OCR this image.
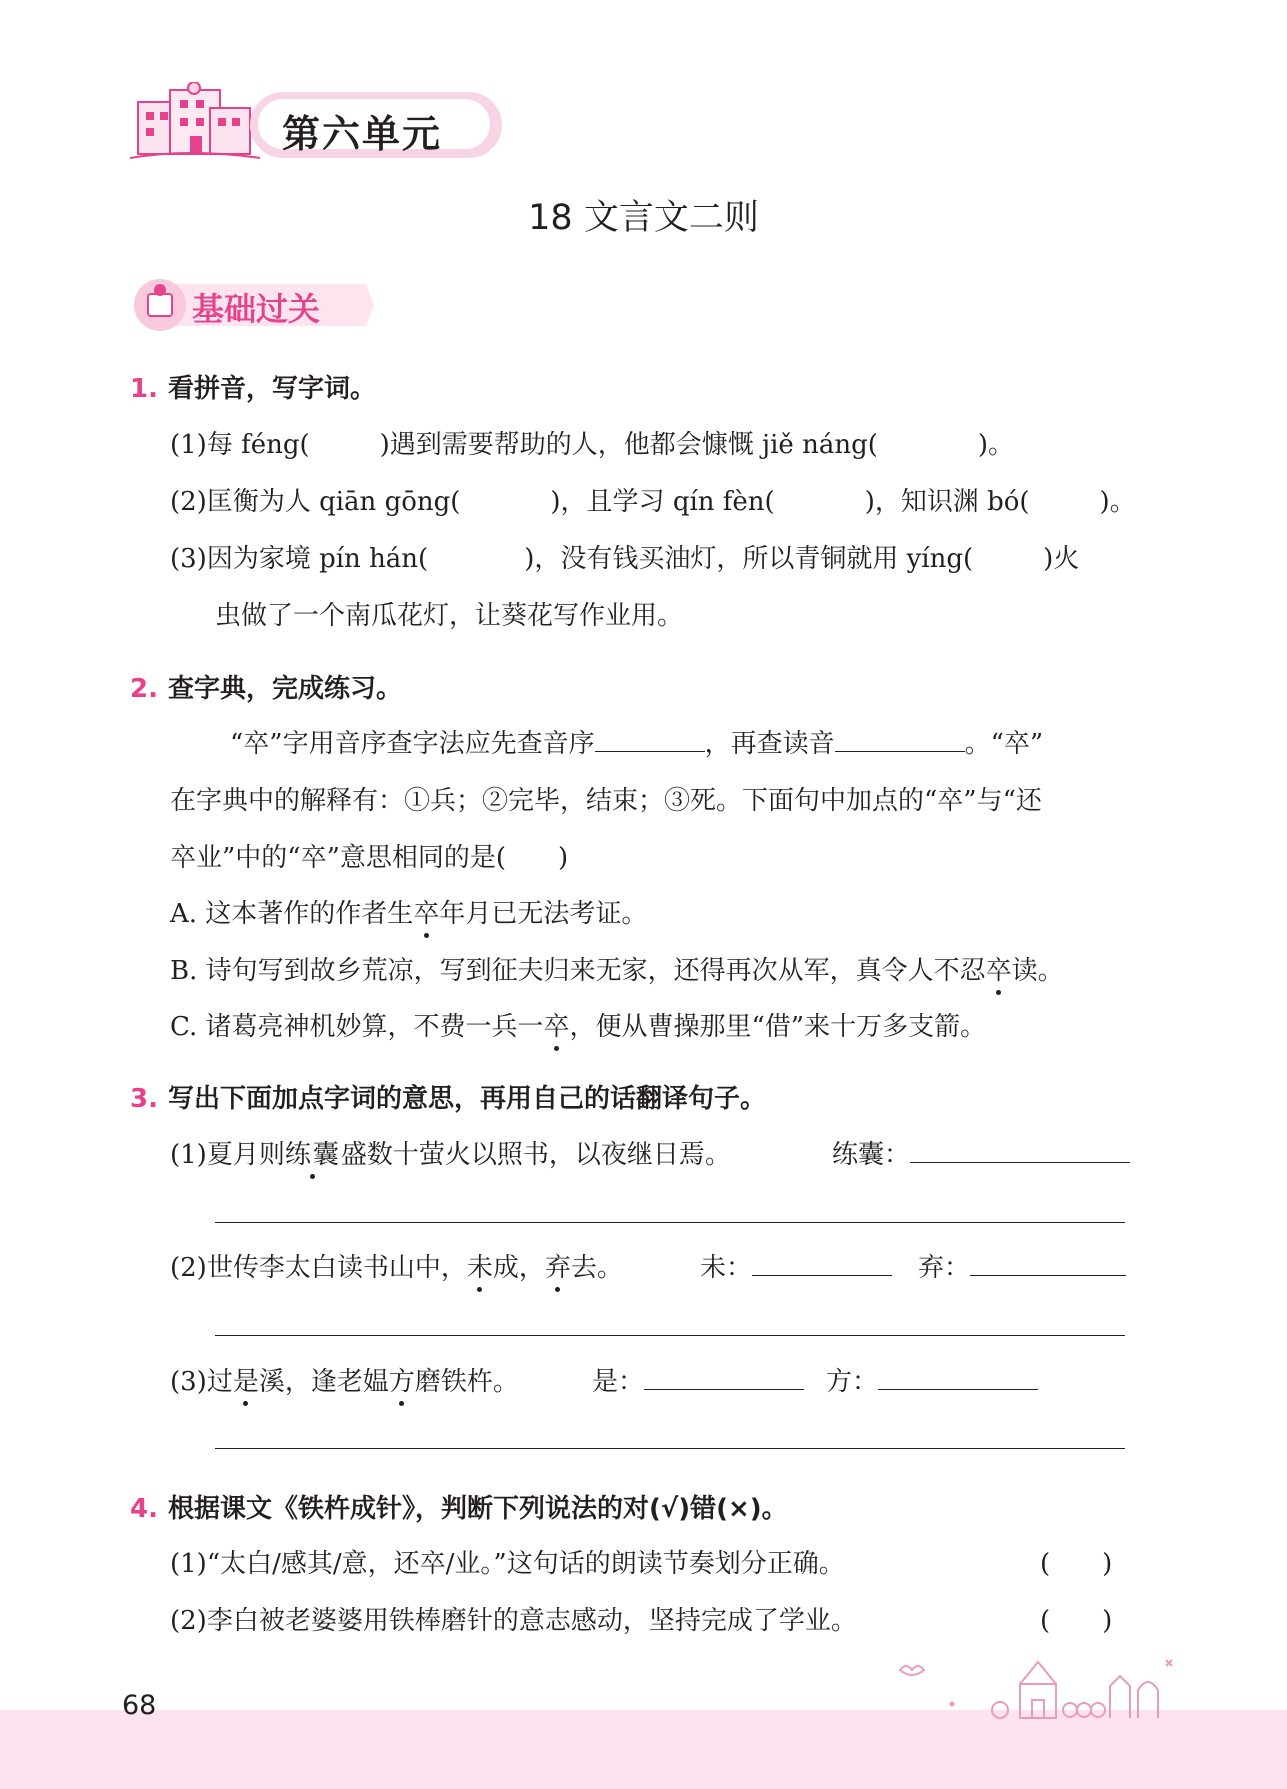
第六单元
18 文言文二则
基础过关
1. 看拼音，写字词。
(1)每 féng(	)遇到需要帮助的人，他都会慷慨 jiě náng(	)。
(2)匡衡为人 qiān gōng(	)，且学习 qín fèn(	)，知识渊 bó(	)。
(3)因为家境 pín hán(	)，没有钱买油灯，所以青铜就用 yíng(	)火
虫做了一个南瓜花灯，让葵花写作业用。
2. 查字典，完成练习。
“卒”字用音序查字法应先查音序	，再查读音	。“卒”
在字典中的解释有：①兵；②完毕，结束；③死。下面句中加点的“卒”与“还
卒业”中的“卒”意思相同的是(　　)
A. 这本著作的作者生卒年月已无法考证。
B. 诗句写到故乡荒凉，写到征夫归来无家，还得再次从军，真令人不忍卒读。
C. 诸葛亮神机妙算，不费一兵一卒，便从曹操那里“借”来十万多支箭。
3. 写出下面加点字词的意思，再用自己的话翻译句子。
(1)夏月则练囊盛数十萤火以照书，以夜继日焉。	练囊：
(2)世传李太白读书山中，未成，弃去。	未：	弃：
(3)过是溪，逢老媪方磨铁杵。	是：	方：
4. 根据课文《铁杵成针》，判断下列说法的对(√)错(×)。
(1)“太白/感其/意，还卒/业。”这句话的朗读节奏划分正确。	(　　)
(2)李白被老婆婆用铁棒磨针的意志感动，坚持完成了学业。	(　　)
68
